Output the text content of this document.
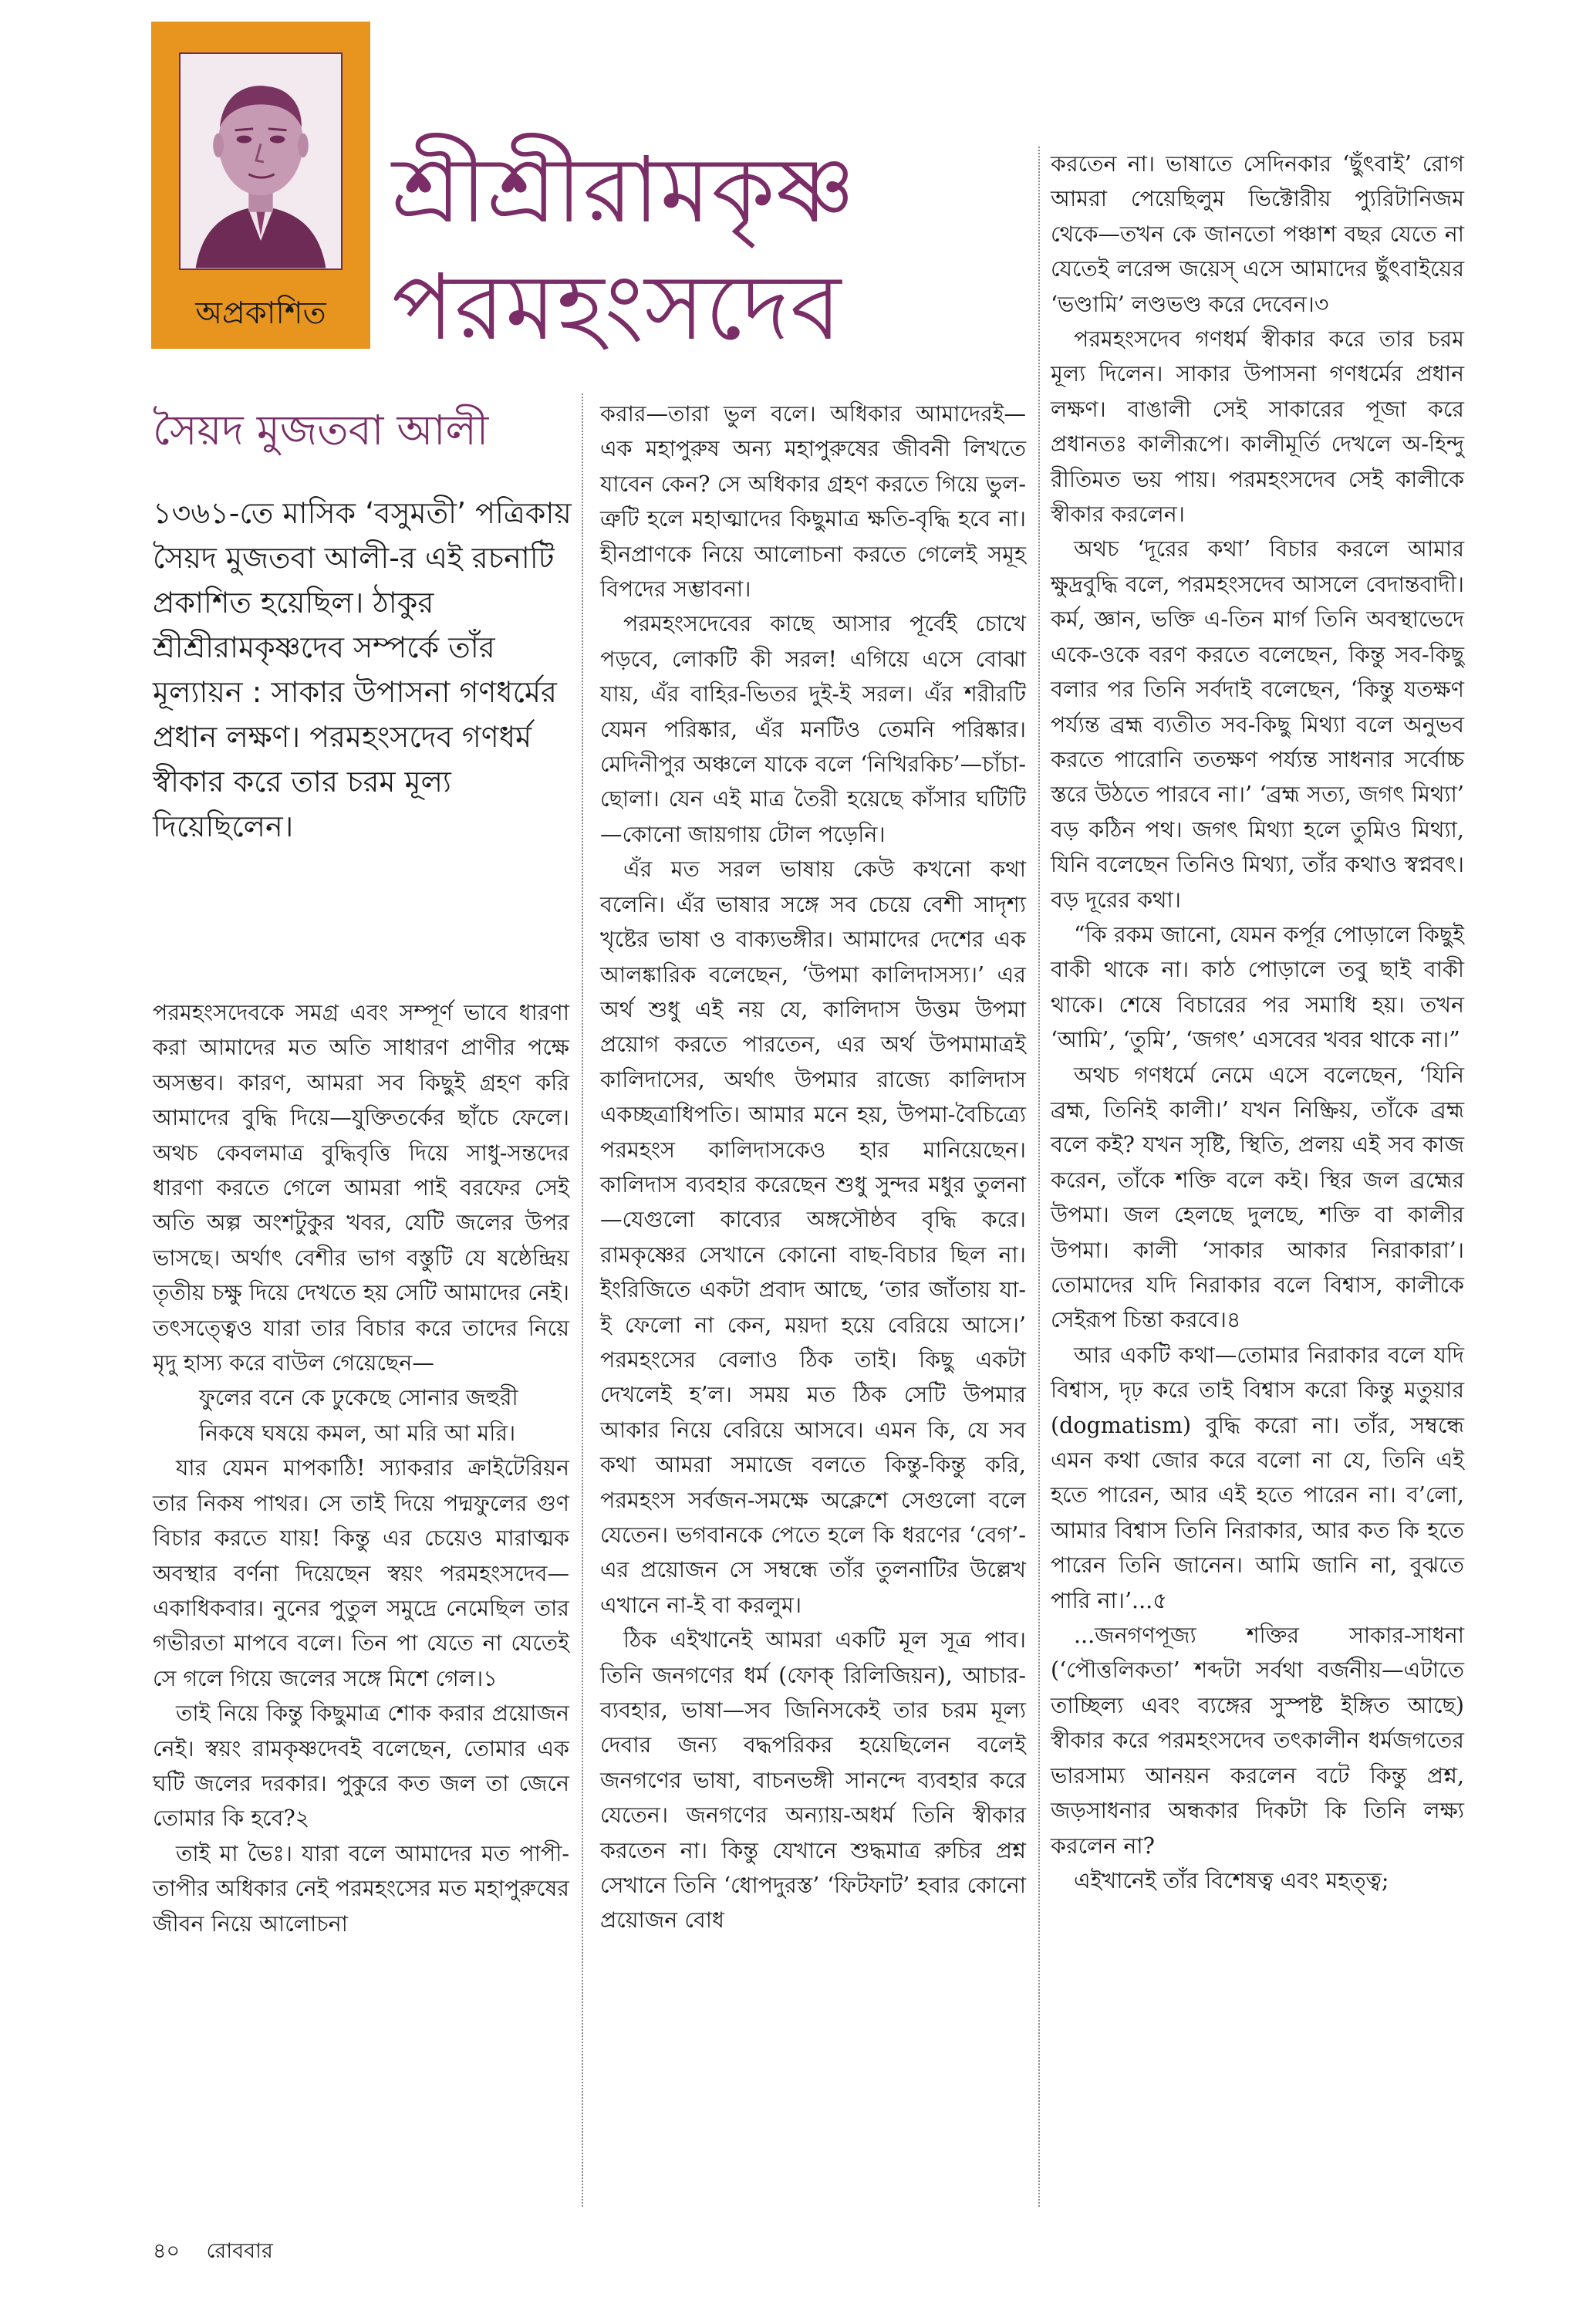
অপ্রকাশিত
শ্রীশ্রীরামকৃষ্ণ
পরমহংসদেব
সৈয়দ মুজতবা আলী
১৩৬১-তে মাসিক ‘বসুমতী’ পত্রিকায় সৈয়দ মুজতবা আলী-র এই রচনাটি প্রকাশিত হয়েছিল। ঠাকুর শ্রীশ্রীরামকৃষ্ণদেব সম্পর্কে তাঁর মূল্যায়ন : সাকার উপাসনা গণধর্মের প্রধান লক্ষণ। পরমহংসদেব গণধর্ম স্বীকার করে তার চরম মূল্য দিয়েছিলেন।

পরমহংসদেবকে সমগ্র এবং সম্পূর্ণ ভাবে ধারণা করা আমাদের মত অতি সাধারণ প্রাণীর পক্ষে অসম্ভব। কারণ, আমরা সব কিছুই গ্রহণ করি আমাদের বুদ্ধি দিয়ে—যুক্তিতর্কের ছাঁচে ফেলে। অথচ কেবলমাত্র বুদ্ধিবৃত্তি দিয়ে সাধু-সন্তদের ধারণা করতে গেলে আমরা পাই বরফের সেই অতি অল্প অংশটুকুর খবর, যেটি জলের উপর ভাসছে। অর্থাৎ বেশীর ভাগ বস্তুটি যে ষষ্ঠেন্দ্রিয় তৃতীয় চক্ষু দিয়ে দেখতে হয় সেটি আমাদের নেই। তৎসত্ত্বেও যারা তার বিচার করে তাদের নিয়ে মৃদু হাস্য করে বাউল গেয়েছেন—

ফুলের বনে কে ঢুকেছে সোনার জহুরী

নিকষে ঘষয়ে কমল, আ মরি আ মরি।

যার যেমন মাপকাঠি! স্যাকরার ক্রাইটেরিয়ন তার নিকষ পাথর। সে তাই দিয়ে পদ্মফুলের গুণ বিচার করতে যায়! কিন্তু এর চেয়েও মারাত্মক অবস্থার বর্ণনা দিয়েছেন স্বয়ং পরমহংসদেব—একাধিকবার। নুনের পুতুল সমুদ্রে নেমেছিল তার গভীরতা মাপবে বলে। তিন পা যেতে না যেতেই সে গলে গিয়ে জলের সঙ্গে মিশে গেল।১

তাই নিয়ে কিন্তু কিছুমাত্র শোক করার প্রয়োজন নেই। স্বয়ং রামকৃষ্ণদেবই বলেছেন, তোমার এক ঘটি জলের দরকার। পুকুরে কত জল তা জেনে তোমার কি হবে?২

তাই মা ভৈঃ। যারা বলে আমাদের মত পাপী-তাপীর অধিকার নেই পরমহংসের মত মহাপুরুষের জীবন নিয়ে আলোচনা

করার—তারা ভুল বলে। অধিকার আমাদেরই—এক মহাপুরুষ অন্য মহাপুরুষের জীবনী লিখতে যাবেন কেন? সে অধিকার গ্রহণ করতে গিয়ে ভুল-ত্রুটি হলে মহাত্মাদের কিছুমাত্র ক্ষতি-বৃদ্ধি হবে না। হীনপ্রাণকে নিয়ে আলোচনা করতে গেলেই সমূহ বিপদের সম্ভাবনা।

পরমহংসদেবের কাছে আসার পূর্বেই চোখে পড়বে, লোকটি কী সরল! এগিয়ে এসে বোঝা যায়, এঁর বাহির-ভিতর দুই-ই সরল। এঁর শরীরটি যেমন পরিষ্কার, এঁর মনটিও তেমনি পরিষ্কার। মেদিনীপুর অঞ্চলে যাকে বলে ‘নিখিরকিচ’—চাঁচা-ছোলা। যেন এই মাত্র তৈরী হয়েছে কাঁসার ঘটিটি—কোনো জায়গায় টোল পড়েনি।

এঁর মত সরল ভাষায় কেউ কখনো কথা বলেনি। এঁর ভাষার সঙ্গে সব চেয়ে বেশী সাদৃশ্য খৃষ্টের ভাষা ও বাক্যভঙ্গীর। আমাদের দেশের এক আলঙ্কারিক বলেছেন, ‘উপমা কালিদাসস্য।’ এর অর্থ শুধু এই নয় যে, কালিদাস উত্তম উপমা প্রয়োগ করতে পারতেন, এর অর্থ উপমামাত্রই কালিদাসের, অর্থাৎ উপমার রাজ্যে কালিদাস একচ্ছত্রাধিপতি। আমার মনে হয়, উপমা-বৈচিত্র্যে পরমহংস কালিদাসকেও হার মানিয়েছেন। কালিদাস ব্যবহার করেছেন শুধু সুন্দর মধুর তুলনা—যেগুলো কাব্যের অঙ্গসৌষ্ঠব বৃদ্ধি করে। রামকৃষ্ণের সেখানে কোনো বাছ-বিচার ছিল না। ইংরিজিতে একটা প্রবাদ আছে, ‘তার জাঁতায় যা-ই ফেলো না কেন, ময়দা হয়ে বেরিয়ে আসে।’ পরমহংসের বেলাও ঠিক তাই। কিছু একটা দেখলেই হ’ল। সময় মত ঠিক সেটি উপমার আকার নিয়ে বেরিয়ে আসবে। এমন কি, যে সব কথা আমরা সমাজে বলতে কিন্তু-কিন্তু করি, পরমহংস সর্বজন-সমক্ষে অক্লেশে সেগুলো বলে যেতেন। ভগবানকে পেতে হলে কি ধরণের ‘বেগ’-এর প্রয়োজন সে সম্বন্ধে তাঁর তুলনাটির উল্লেখ এখানে না-ই বা করলুম।

ঠিক এইখানেই আমরা একটি মূল সূত্র পাব। তিনি জনগণের ধর্ম (ফোক্ রিলিজিয়ন), আচার-ব্যবহার, ভাষা—সব জিনিসকেই তার চরম মূল্য দেবার জন্য বদ্ধপরিকর হয়েছিলেন বলেই জনগণের ভাষা, বাচনভঙ্গী সানন্দে ব্যবহার করে যেতেন। জনগণের অন্যায়-অধর্ম তিনি স্বীকার করতেন না। কিন্তু যেখানে শুদ্ধমাত্র রুচির প্রশ্ন সেখানে তিনি ‘ধোপদুরস্ত’ ‘ফিটফাট’ হবার কোনো প্রয়োজন বোধ

করতেন না। ভাষাতে সেদিনকার ‘ছুঁৎবাই’ রোগ আমরা পেয়েছিলুম ভিক্টোরীয় প্যুরিটানিজম থেকে—তখন কে জানতো পঞ্চাশ বছর যেতে না যেতেই লরেন্স জয়েস্ এসে আমাদের ছুঁৎবাইয়ের ‘ভণ্ডামি’ লণ্ডভণ্ড করে দেবেন।৩

পরমহংসদেব গণধর্ম স্বীকার করে তার চরম মূল্য দিলেন। সাকার উপাসনা গণধর্মের প্রধান লক্ষণ। বাঙালী সেই সাকারের পূজা করে প্রধানতঃ কালীরূপে। কালীমূর্তি দেখলে অ-হিন্দু রীতিমত ভয় পায়। পরমহংসদেব সেই কালীকে স্বীকার করলেন।

অথচ ‘দূরের কথা’ বিচার করলে আমার ক্ষুদ্রবুদ্ধি বলে, পরমহংসদেব আসলে বেদান্তবাদী। কর্ম, জ্ঞান, ভক্তি এ-তিন মার্গ তিনি অবস্থাভেদে একে-ওকে বরণ করতে বলেছেন, কিন্তু সব-কিছু বলার পর তিনি সর্বদাই বলেছেন, ‘কিন্তু যতক্ষণ পর্য্যন্ত ব্রহ্ম ব্যতীত সব-কিছু মিথ্যা বলে অনুভব করতে পারোনি ততক্ষণ পর্য্যন্ত সাধনার সর্বোচ্চ স্তরে উঠতে পারবে না।’ ‘ব্রহ্ম সত্য, জগৎ মিথ্যা’ বড় কঠিন পথ। জগৎ মিথ্যা হলে তুমিও মিথ্যা, যিনি বলেছেন তিনিও মিথ্যা, তাঁর কথাও স্বপ্নবৎ। বড় দূরের কথা।

“কি রকম জানো, যেমন কর্পূর পোড়ালে কিছুই বাকী থাকে না। কাঠ পোড়ালে তবু ছাই বাকী থাকে। শেষে বিচারের পর সমাধি হয়। তখন ‘আমি’, ‘তুমি’, ‘জগৎ’ এসবের খবর থাকে না।”

অথচ গণধর্মে নেমে এসে বলেছেন, ‘যিনি ব্রহ্ম, তিনিই কালী।’ যখন নিষ্ক্রিয়, তাঁকে ব্রহ্ম বলে কই? যখন সৃষ্টি, স্থিতি, প্রলয় এই সব কাজ করেন, তাঁকে শক্তি বলে কই। স্থির জল ব্রহ্মের উপমা। জল হেলছে দুলছে, শক্তি বা কালীর উপমা। কালী ‘সাকার আকার নিরাকারা’। তোমাদের যদি নিরাকার বলে বিশ্বাস, কালীকে সেইরূপ চিন্তা করবে।৪

আর একটি কথা—তোমার নিরাকার বলে যদি বিশ্বাস, দৃঢ় করে তাই বিশ্বাস করো কিন্তু মতুয়ার (dogmatism) বুদ্ধি করো না। তাঁর, সম্বন্ধে এমন কথা জোর করে বলো না যে, তিনি এই হতে পারেন, আর এই হতে পারেন না। ব’লো, আমার বিশ্বাস তিনি নিরাকার, আর কত কি হতে পারেন তিনি জানেন। আমি জানি না, বুঝতে পারি না।’...৫

...জনগণপূজ্য শক্তির সাকার-সাধনা (‘পৌত্তলিকতা’ শব্দটা সর্বথা বর্জনীয়—এটাতে তাচ্ছিল্য এবং ব্যঙ্গের সুস্পষ্ট ইঙ্গিত আছে) স্বীকার করে পরমহংসদেব তৎকালীন ধর্মজগতের ভারসাম্য আনয়ন করলেন বটে কিন্তু প্রশ্ন, জড়সাধনার অন্ধকার দিকটা কি তিনি লক্ষ্য করলেন না?

এইখানেই তাঁর বিশেষত্ব এবং মহত্ত্ব;

৪০ রোববার
